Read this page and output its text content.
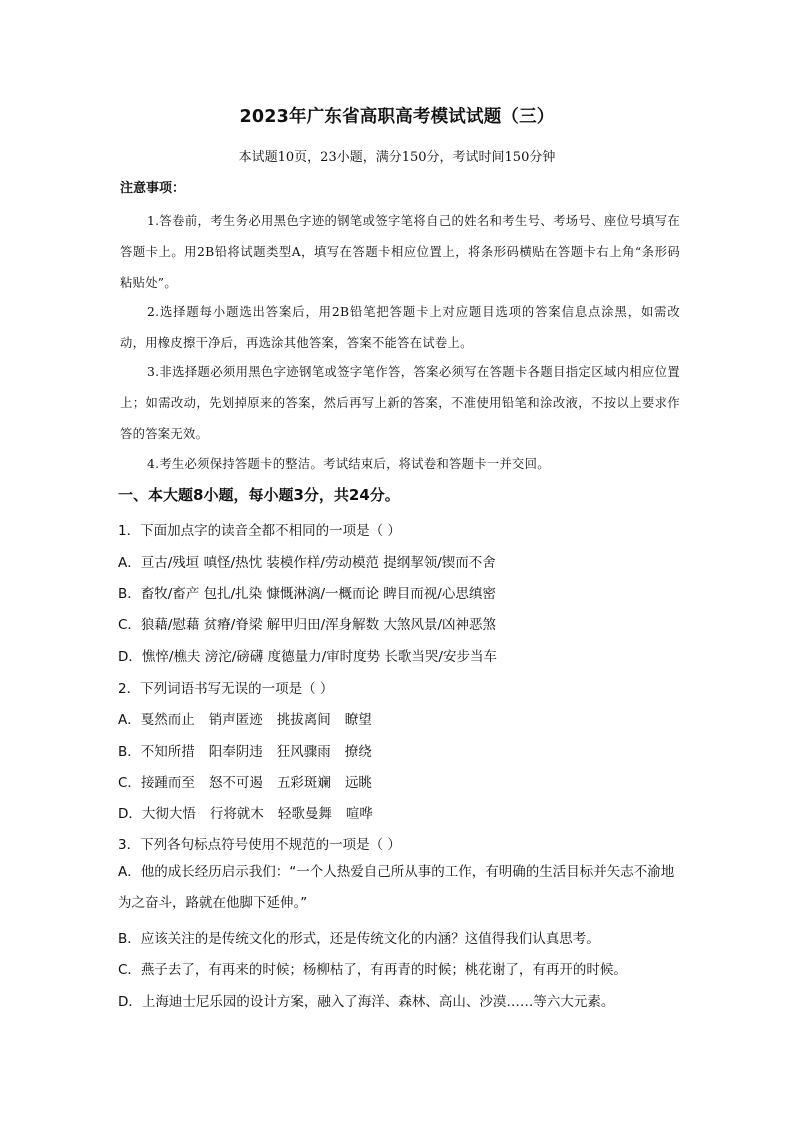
2023年广东省高职高考模试试题（三）
本试题10页，23小题，满分150分，考试时间150分钟
注意事项：
1.答卷前，考生务必用黑色字迹的钢笔或签字笔将自己的姓名和考生号、考场号、座位号填写在答题卡上。用2B铅将试题类型A，填写在答题卡相应位置上，将条形码横贴在答题卡右上角“条形码粘贴处”。
2.选择题每小题选出答案后，用2B铅笔把答题卡上对应题目选项的答案信息点涂黑，如需改动，用橡皮擦干净后，再选涂其他答案，答案不能答在试卷上。
3.非选择题必须用黑色字迹钢笔或签字笔作答，答案必须写在答题卡各题目指定区域内相应位置上；如需改动，先划掉原来的答案，然后再写上新的答案，不准使用铅笔和涂改液，不按以上要求作答的答案无效。
4.考生必须保持答题卡的整洁。考试结束后，将试卷和答题卡一并交回。
一、本大题8小题，每小题3分，共24分。
1．下面加点字的读音全都不相同的一项是（ ）
A．亘古/残垣 嗔怪/热忱 装模作样/劳动模范 提纲挈领/锲而不舍
B．畜牧/畜产 包扎/扎染 慷慨淋漓/一概而论 睥目而视/心思缜密
C．狼藉/慰藉 贫瘠/脊梁 解甲归田/浑身解数 大煞风景/凶神恶煞
D．憔悴/樵夫 滂沱/磅礴 度德量力/审时度势 长歌当哭/安步当车
2．下列词语书写无误的一项是（ ）
A．戛然而止 销声匿迹 挑拔离间 瞭望
B．不知所措 阳奉阴违 狂风骤雨 撩绕
C．接踵而至 怒不可遏 五彩斑斓 远眺
D．大彻大悟 行将就木 轻歌曼舞 喧哗
3．下列各句标点符号使用不规范的一项是（ ）
A．他的成长经历启示我们：“一个人热爱自己所从事的工作，有明确的生活目标并矢志不渝地为之奋斗，路就在他脚下延伸。”
B．应该关注的是传统文化的形式，还是传统文化的内涵？这值得我们认真思考。
C．燕子去了，有再来的时候；杨柳枯了，有再青的时候；桃花谢了，有再开的时候。
D．上海迪士尼乐园的设计方案，融入了海洋、森林、高山、沙漠……等六大元素。
